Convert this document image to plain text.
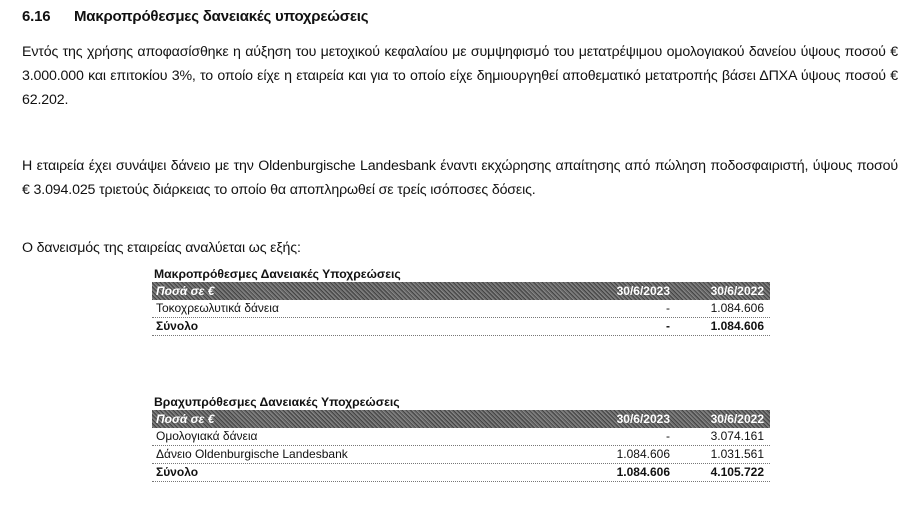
6.16 Μακροπρόθεσμες δανειακές υποχρεώσεις
Εντός της χρήσης αποφασίσθηκε η αύξηση του μετοχικού κεφαλαίου με συμψηφισμό του μετατρέψιμου ομολογιακού δανείου ύψους ποσού € 3.000.000 και επιτοκίου 3%, το οποίο είχε η εταιρεία και για το οποίο είχε δημιουργηθεί αποθεματικό μετατροπής βάσει ΔΠΧΑ ύψους ποσού € 62.202.
Η εταιρεία έχει συνάψει δάνειο με την Oldenburgische Landesbank έναντι εκχώρησης απαίτησης από πώληση ποδοσφαιριστή, ύψους ποσού € 3.094.025 τριετούς διάρκειας το οποίο θα αποπληρωθεί σε τρείς ισόποσες δόσεις.
Ο δανεισμός της εταιρείας αναλύεται ως εξής:
Μακροπρόθεσμες Δανειακές Υποχρεώσεις
Ποσά σε €	30/6/2023	30/6/2022
Τοκοχρεωλυτικά δάνεια	-	1.084.606
Σύνολο	-	1.084.606
Βραχυπρόθεσμες Δανειακές Υποχρεώσεις
Ποσά σε €	30/6/2023	30/6/2022
Ομολογιακά δάνεια	-	3.074.161
Δάνειο Oldenburgische Landesbank	1.084.606	1.031.561
Σύνολο	1.084.606	4.105.722
